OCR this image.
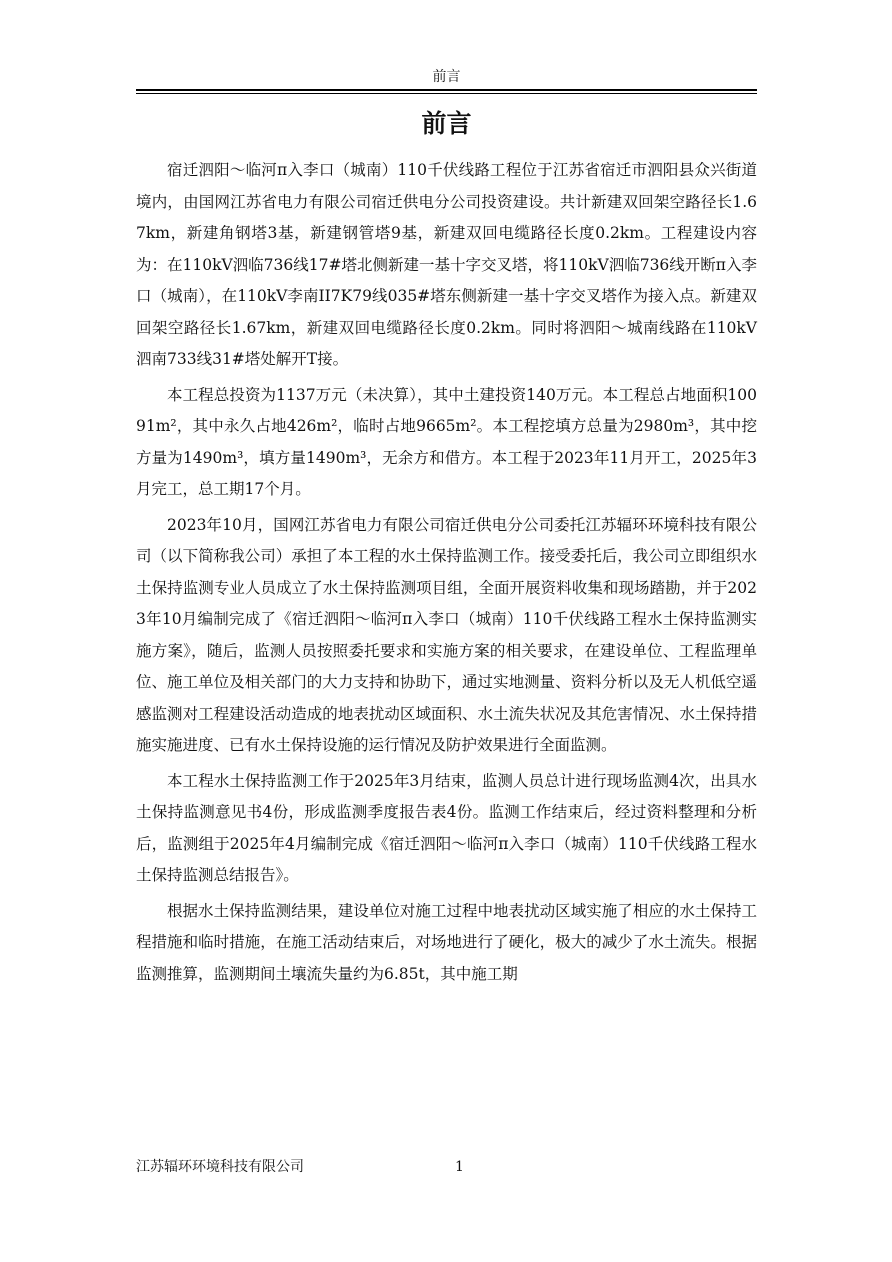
前言
前言

宿迁泗阳～临河π入李口（城南）110千伏线路工程位于江苏省宿迁市泗阳县众兴街道境内，由国网江苏省电力有限公司宿迁供电分公司投资建设。共计新建双回架空路径长1.67km，新建角钢塔3基，新建钢管塔9基，新建双回电缆路径长度0.2km。工程建设内容为：在110kV泗临736线17#塔北侧新建一基十字交叉塔，将110kV泗临736线开断π入李口（城南），在110kV李南II7K79线035#塔东侧新建一基十字交叉塔作为接入点。新建双回架空路径长1.67km，新建双回电缆路径长度0.2km。同时将泗阳～城南线路在110kV泗南733线31#塔处解开T接。

本工程总投资为1137万元（未决算），其中土建投资140万元。本工程总占地面积10091m²，其中永久占地426m²，临时占地9665m²。本工程挖填方总量为2980m³，其中挖方量为1490m³，填方量1490m³，无余方和借方。本工程于2023年11月开工，2025年3月完工，总工期17个月。

2023年10月，国网江苏省电力有限公司宿迁供电分公司委托江苏辐环环境科技有限公司（以下简称我公司）承担了本工程的水土保持监测工作。接受委托后，我公司立即组织水土保持监测专业人员成立了水土保持监测项目组，全面开展资料收集和现场踏勘，并于2023年10月编制完成了《宿迁泗阳～临河π入李口（城南）110千伏线路工程水土保持监测实施方案》，随后，监测人员按照委托要求和实施方案的相关要求，在建设单位、工程监理单位、施工单位及相关部门的大力支持和协助下，通过实地测量、资料分析以及无人机低空遥感监测对工程建设活动造成的地表扰动区域面积、水土流失状况及其危害情况、水土保持措施实施进度、已有水土保持设施的运行情况及防护效果进行全面监测。

本工程水土保持监测工作于2025年3月结束，监测人员总计进行现场监测4次，出具水土保持监测意见书4份，形成监测季度报告表4份。监测工作结束后，经过资料整理和分析后，监测组于2025年4月编制完成《宿迁泗阳～临河π入李口（城南）110千伏线路工程水土保持监测总结报告》。

根据水土保持监测结果，建设单位对施工过程中地表扰动区域实施了相应的水土保持工程措施和临时措施，在施工活动结束后，对场地进行了硬化，极大的减少了水土流失。根据监测推算，监测期间土壤流失量约为6.85t，其中施工期

江苏辐环环境科技有限公司	1
